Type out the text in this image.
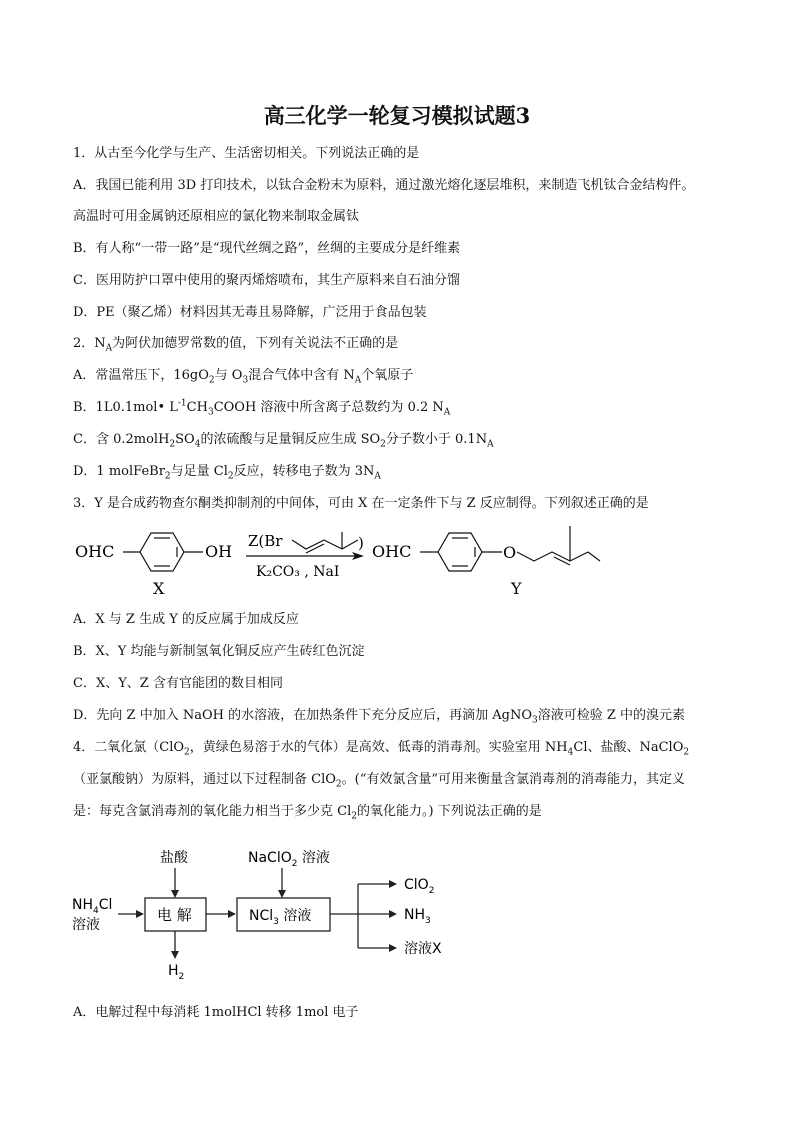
高三化学一轮复习模拟试题3
1．从古至今化学与生产、生活密切相关。下列说法正确的是
A．我国已能利用 3D 打印技术，以钛合金粉末为原料，通过激光熔化逐层堆积，来制造飞机钛合金结构件。
高温时可用金属钠还原相应的氯化物来制取金属钛
B．有人称“一带一路”是“现代丝绸之路”，丝绸的主要成分是纤维素
C．医用防护口罩中使用的聚丙烯熔喷布，其生产原料来自石油分馏
D．PE（聚乙烯）材料因其无毒且易降解，广泛用于食品包装
2．$N_A$为阿伏加德罗常数的值，下列有关说法不正确的是
A．常温常压下，$16gO_2$与 $O_3$混合气体中含有 $N_A$个氧原子
B．1L0.1mol• $L^{-1}CH_3COOH$ 溶液中所含离子总数约为 0.2 $N_A$
C．含 $0.2molH_2SO_4$的浓硫酸与足量铜反应生成 $SO_2$分子数小于 $0.1N_A$
D．1 molFeBr$_2$与足量 $Cl_2$反应，转移电子数为 $3N_A$
3．Y 是合成药物查尔酮类抑制剂的中间体，可由 X 在一定条件下与 Z 反应制得。下列叙述正确的是
OHC	OH
X
Z(Br	)
K₂CO₃ , NaI
OHC	O
Y
A．X 与 Z 生成 Y 的反应属于加成反应
B．X、Y 均能与新制氢氧化铜反应产生砖红色沉淀
C．X、Y、Z 含有官能团的数目相同
D．先向 Z 中加入 NaOH 的水溶液，在加热条件下充分反应后，再滴加 AgNO$_3$溶液可检验 Z 中的溴元素
4．二氧化氯（ClO$_2$，黄绿色易溶于水的气体）是高效、低毒的消毒剂。实验室用 $NH_4Cl$、盐酸、NaClO$_2$
（亚氯酸钠）为原料，通过以下过程制备 ClO$_2$。(“有效氯含量”可用来衡量含氯消毒剂的消毒能力，其定义
是：每克含氯消毒剂的氧化能力相当于多少克 $Cl_2$的氧化能力。) 下列说法正确的是
盐酸
$NH_4Cl$
溶液
电 解
$H_2$
NaClO$_2$ 溶液
NCl$_3$ 溶液
ClO$_2$
$NH_3$
溶液X
A．电解过程中每消耗 1molHCl 转移 1mol 电子
